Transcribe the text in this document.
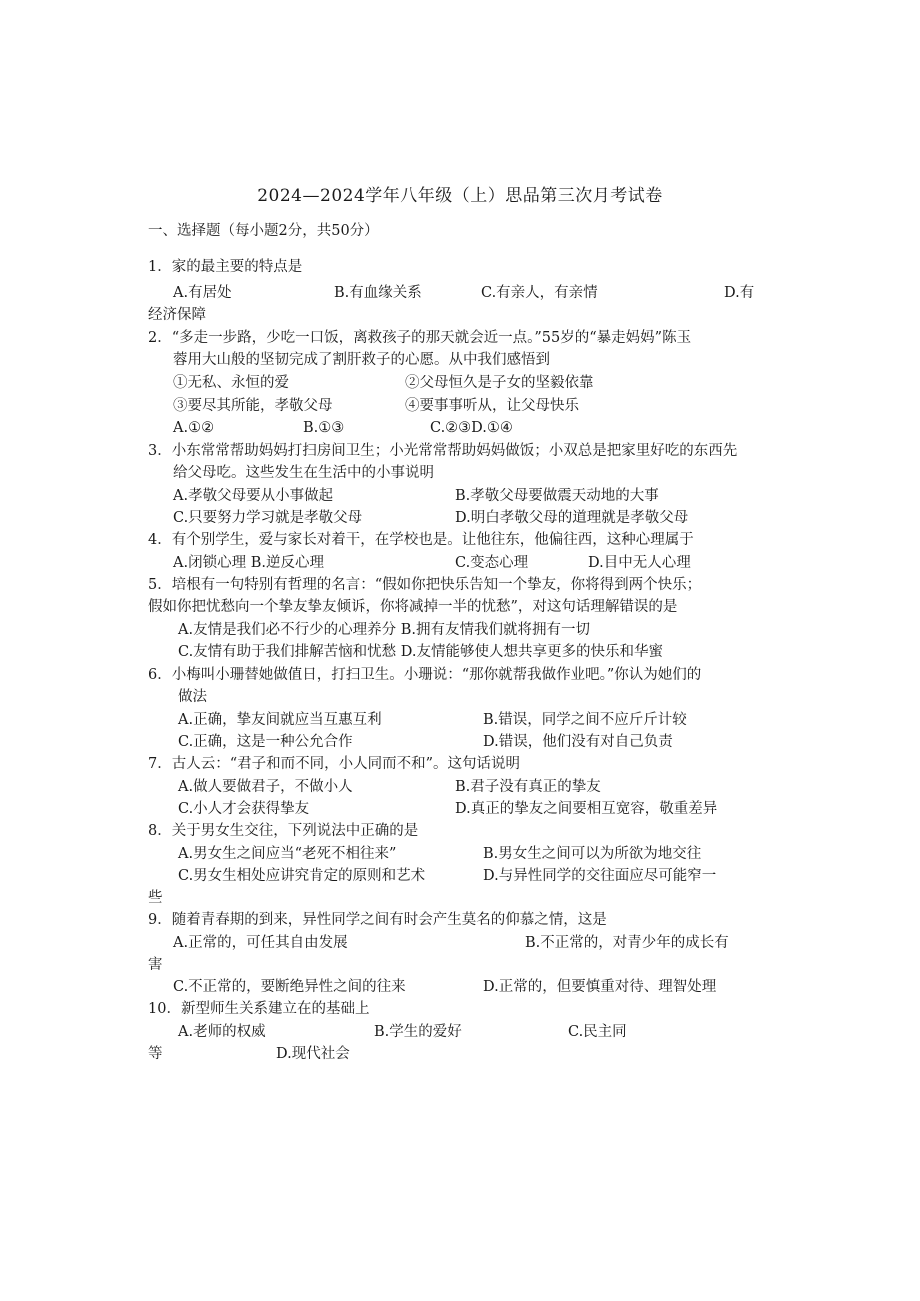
2024—2024学年八年级（上）思品第三次月考试卷
一、选择题（每小题2分，共50分）
1．家的最主要的特点是
A.有居处	B.有血缘关系	C.有亲人，有亲情	D.有
经济保障
2．“多走一步路，少吃一口饭，离救孩子的那天就会近一点。”55岁的“暴走妈妈”陈玉
蓉用大山般的坚韧完成了割肝救子的心愿。从中我们感悟到
①无私、永恒的爱	②父母恒久是子女的坚毅依靠
③要尽其所能，孝敬父母	④要事事听从，让父母快乐
A.①②	B.①③	C.②③D.①④
3．小东常常帮助妈妈打扫房间卫生；小光常常帮助妈妈做饭；小双总是把家里好吃的东西先
给父母吃。这些发生在生活中的小事说明
A.孝敬父母要从小事做起	B.孝敬父母要做震天动地的大事
C.只要努力学习就是孝敬父母	D.明白孝敬父母的道理就是孝敬父母
4．有个别学生，爱与家长对着干，在学校也是。让他往东，他偏往西，这种心理属于
A.闭锁心理 B.逆反心理	C.变态心理	D.目中无人心理
5．培根有一句特别有哲理的名言：“假如你把快乐告知一个挚友，你将得到两个快乐；
假如你把忧愁向一个挚友挚友倾诉，你将减掉一半的忧愁”，对这句话理解错误的是
A.友情是我们必不行少的心理养分 B.拥有友情我们就将拥有一切
C.友情有助于我们排解苦恼和忧愁 D.友情能够使人想共享更多的快乐和华蜜
6．小梅叫小珊替她做值日，打扫卫生。小珊说：“那你就帮我做作业吧。”你认为她们的
做法
A.正确，挚友间就应当互惠互利	B.错误，同学之间不应斤斤计较
C.正确，这是一种公允合作	D.错误，他们没有对自己负责
7．古人云：“君子和而不同，小人同而不和”。这句话说明
A.做人要做君子，不做小人	B.君子没有真正的挚友
C.小人才会获得挚友	D.真正的挚友之间要相互宽容，敬重差异
8．关于男女生交往，下列说法中正确的是
A.男女生之间应当“老死不相往来”	B.男女生之间可以为所欲为地交往
C.男女生相处应讲究肯定的原则和艺术	D.与异性同学的交往面应尽可能窄一
些
9．随着青春期的到来，异性同学之间有时会产生莫名的仰慕之情，这是
A.正常的，可任其自由发展	B.不正常的，对青少年的成长有
害
C.不正常的，要断绝异性之间的往来	D.正常的，但要慎重对待、理智处理
10．新型师生关系建立在的基础上
A.老师的权威	B.学生的爱好	C.民主同
等	D.现代社会
